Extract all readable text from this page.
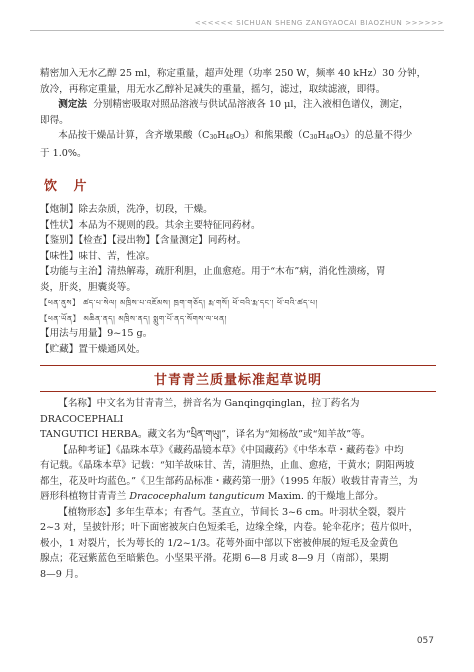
<<<<<< SICHUAN SHENG ZANGYAOCAI BIAOZHUN >>>>>>

精密加入无水乙醇 25 ml，称定重量，超声处理（功率 250 W，频率 40 kHz）30 分钟，

放冷，再称定重量，用无水乙醇补足减失的重量，摇匀，滤过，取续滤液，即得。

测定法 分别精密吸取对照品溶液与供试品溶液各 10 μl，注入液相色谱仪，测定，

即得。

本品按干燥品计算，含齐墩果酸$(C_{30}H_{48}O_3)$和熊果酸$(C_{30}H_{48}O_3)$的总量不得少

于 1.0%。

饮 片

【炮制】除去杂质，洗净，切段，干燥。

【性状】本品为不规则的段。其余主要特征同药材。

【鉴别】【检查】【浸出物】【含量测定】同药材。

【味性】味甘、苦，性凉。

【功能与主治】清热解毒，疏肝利胆，止血愈疮。用于“木布”病，消化性溃疡，胃

炎，肝炎，胆囊炎等。

【ཕན་ནུས】 ཚད་པ་སེལ། མཁྲིས་པ་འཇོམས། ཁྲག་གཅོད། རྨ་གསོ། ཕོ་བའི་རྨ་དང་། ཕོ་བའི་ཚད་པ།

【ཕན་ཡོན】 མཆིན་ནད། མཁྲིས་ནད། སྨུག་པོ་ནད་སོགས་ལ་ཕན།

【用法与用量】9~15 g。

【贮藏】置干燥通风处。

甘青青兰质量标准起草说明

【名称】中文名为甘青青兰，拼音名为 Ganqingqinglan，拉丁药名为 DRACOCEPHALI

TANGUTICI HERBA。藏文名为“པྲིན་གཡུ།”，译名为“知杨故”或“知羊故”等。

【品种考证】《晶珠本草》《藏药晶镜本草》《中国藏药》《中华本草・藏药卷》中均

有记载。《晶珠本草》记载：“知羊故味甘、苦，清胆热，止血、愈疮，干黄水；阴阳两坡

都生，花及叶均蓝色。”《卫生部药品标准・藏药第一册》（1995 年版）收载甘青青兰，为

唇形科植物甘青青兰 Dracocephalum tanguticum Maxim. 的干燥地上部分。

【植物形态】多年生草本；有香气。茎直立，节间长 3~6 cm。叶羽状全裂，裂片

2~3 对，呈披针形；叶下面密被灰白色短柔毛，边缘全缘，内卷。轮伞花序；苞片似叶，

极小，1 对裂片，长为萼长的 1/2~1/3。花萼外面中部以下密被伸展的短毛及金黄色

腺点；花冠紫蓝色至暗紫色。小坚果平滑。花期 6—8 月或 8—9 月（南部），果期

8—9 月。

057
